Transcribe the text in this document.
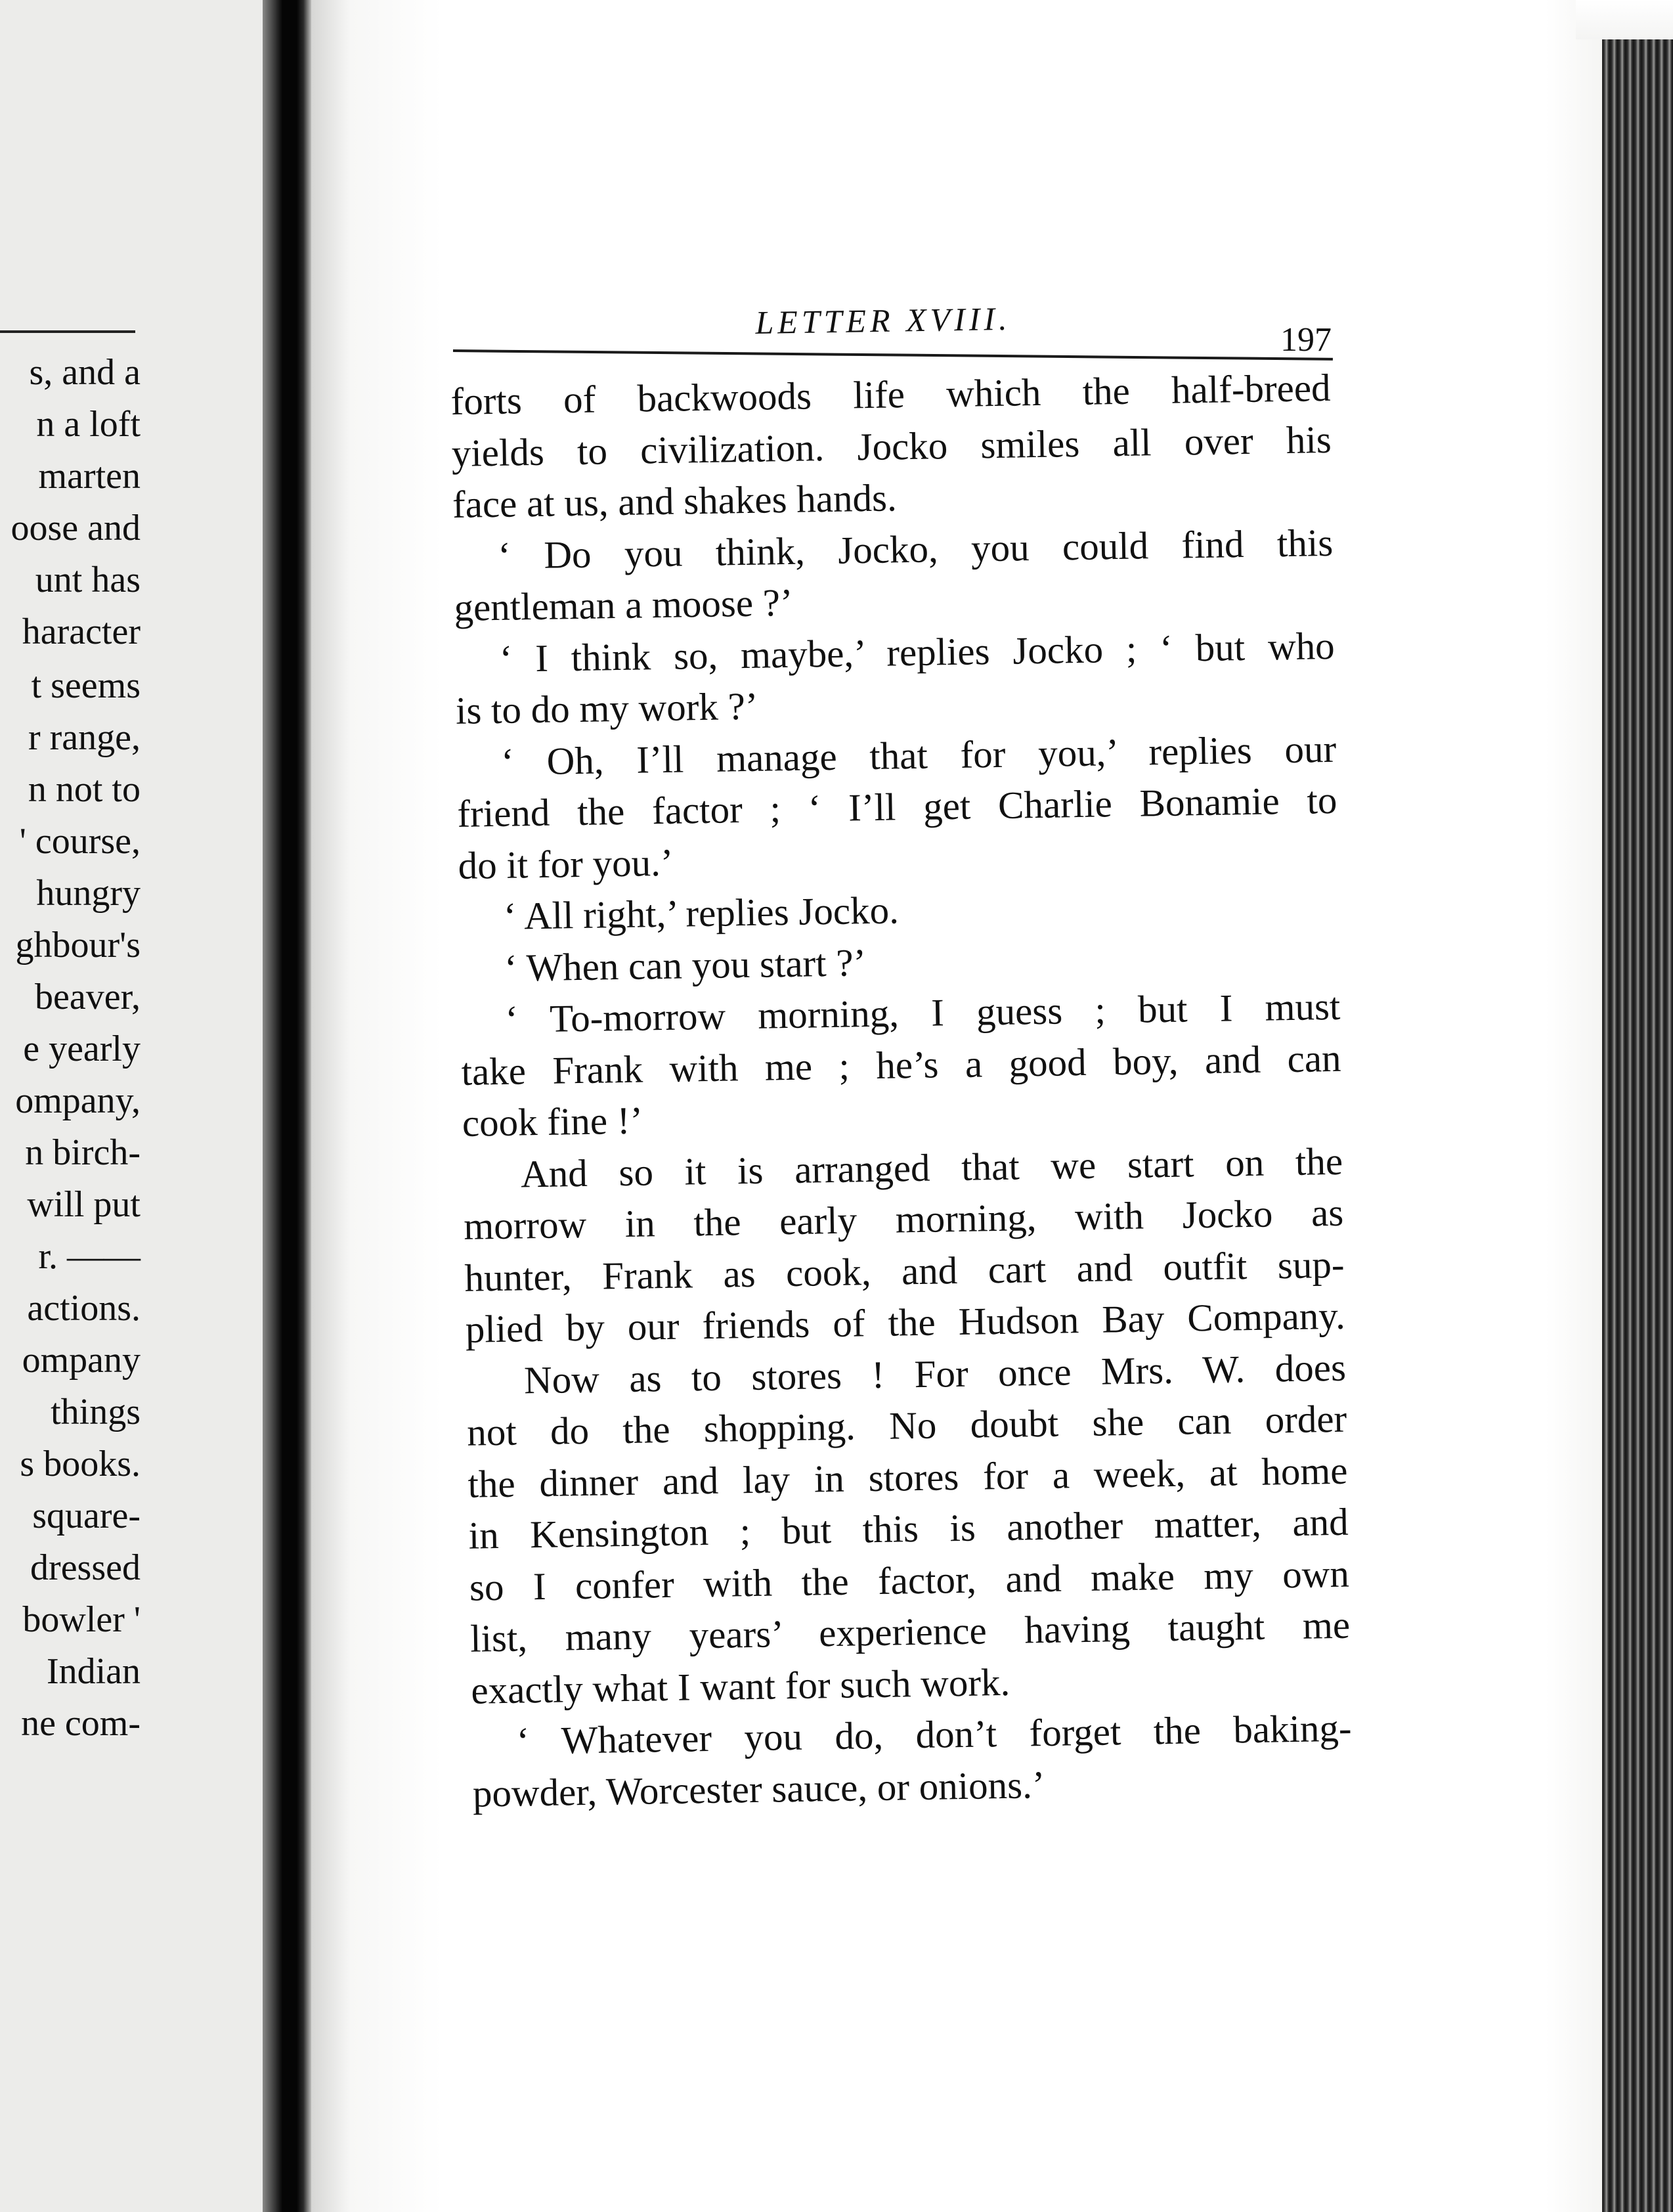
s, and a
n a loft
marten
oose and
unt has
haracter
t seems
r range,
n not to
' course,
hungry
ghbour's
beaver,
e yearly
ompany,
n birch-
will put
r. ——
actions.
ompany
things
s books.
square-
dressed
bowler '
Indian
ne com-
LETTER XVIII.	197
forts of backwoods life which the half-breed
yields to civilization. Jocko smiles all over his
face at us, and shakes hands.
‘ Do you think, Jocko, you could find this
gentleman a moose ?’
‘ I think so, maybe,’ replies Jocko ; ‘ but who
is to do my work ?’
‘ Oh, I’ll manage that for you,’ replies our
friend the factor ; ‘ I’ll get Charlie Bonamie to
do it for you.’
‘ All right,’ replies Jocko.
‘ When can you start ?’
‘ To-morrow morning, I guess ; but I must
take Frank with me ; he’s a good boy, and can
cook fine !’
And so it is arranged that we start on the
morrow in the early morning, with Jocko as
hunter, Frank as cook, and cart and outfit sup-
plied by our friends of the Hudson Bay Company.
Now as to stores ! For once Mrs. W. does
not do the shopping. No doubt she can order
the dinner and lay in stores for a week, at home
in Kensington ; but this is another matter, and
so I confer with the factor, and make my own
list, many years’ experience having taught me
exactly what I want for such work.
‘ Whatever you do, don’t forget the baking-
powder, Worcester sauce, or onions.’
